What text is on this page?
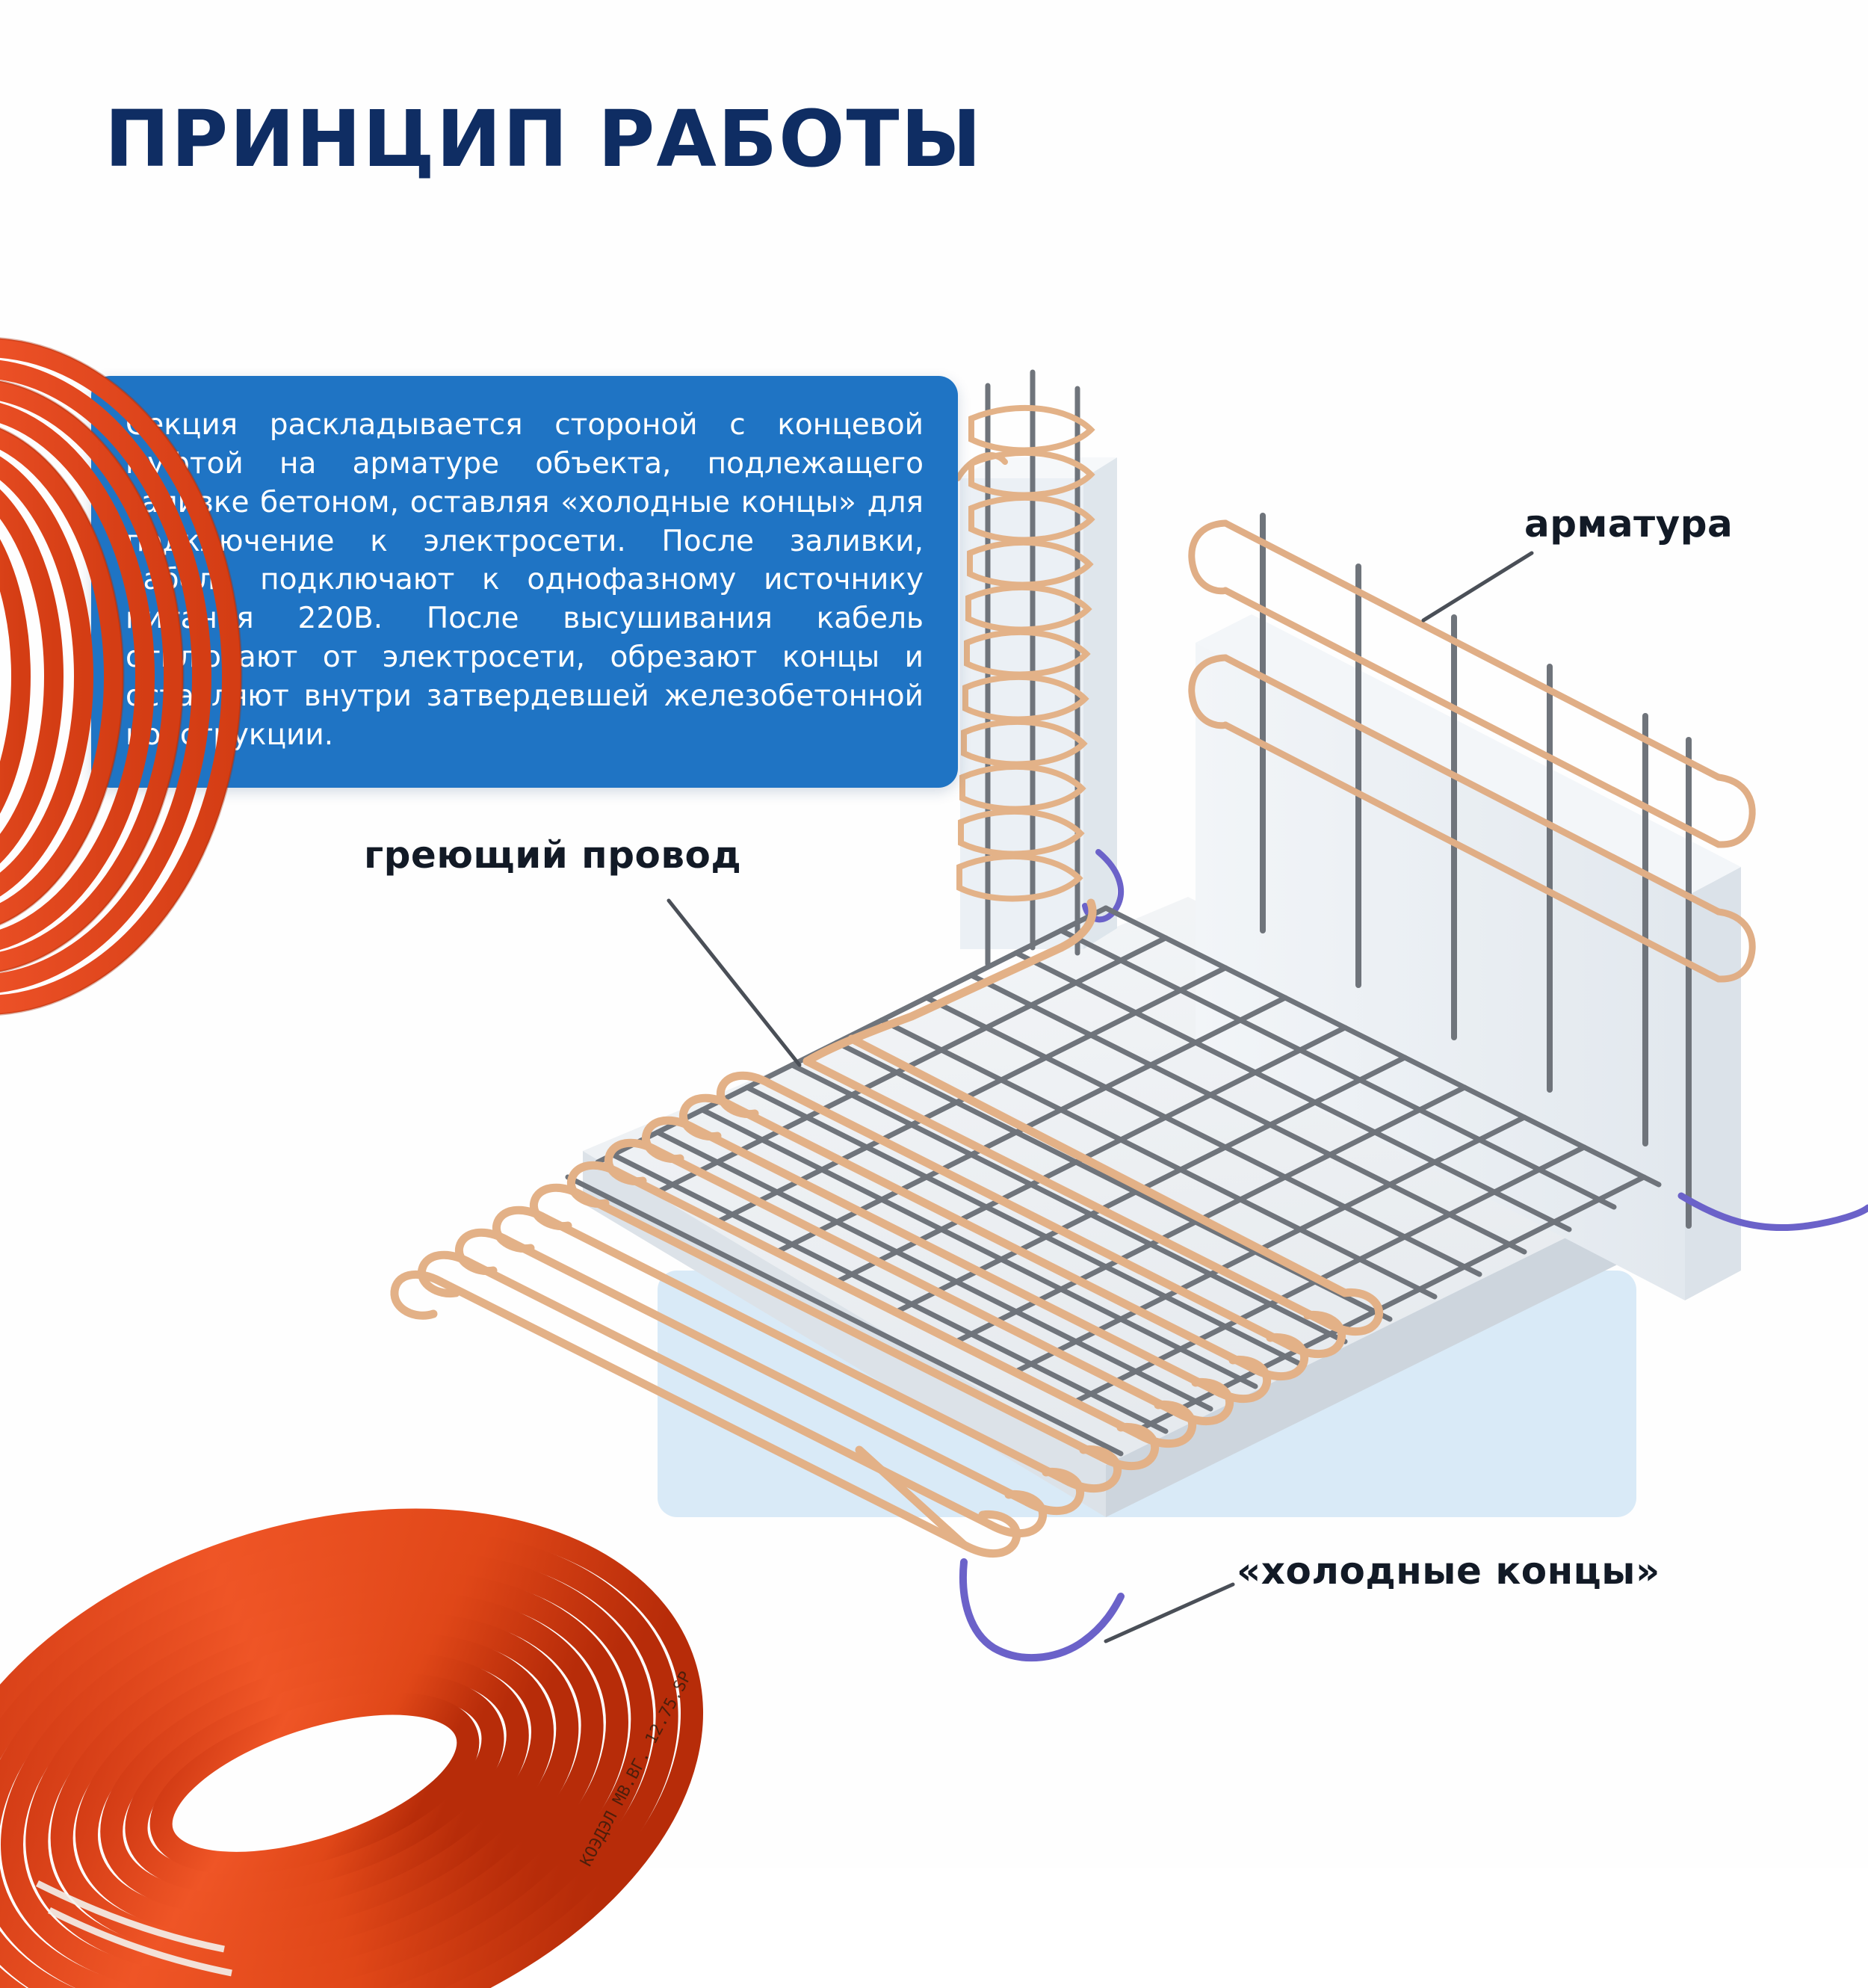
ПРИНЦИП РАБОТЫ

Секция раскладывается стороной с концевой муфтой на арматуре объекта, подлежащего заливке бетоном, оставляя «холодные концы» для подключение к электросети. После заливки, кабель подключают к однофазному источнику питания 220В. После высушивания кабель отключают от электросети, обрезают концы и оставляют внутри затвердевшей железобетонной конструкции.

арматура
греющий провод
«холодные концы»
КОЭДЭЛ МВ.ВГ. 12.75.SP
